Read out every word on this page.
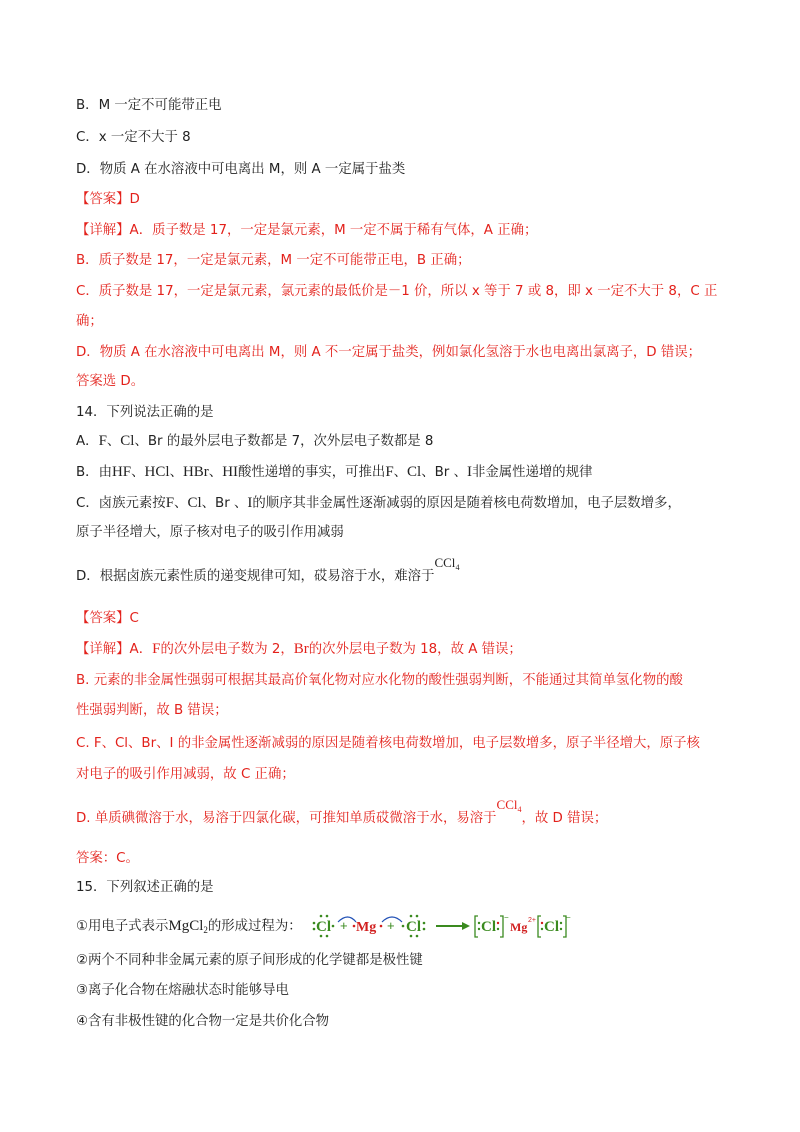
B．M 一定不可能带正电
C．x 一定不大于 8
D．物质 A 在水溶液中可电离出 M，则 A 一定属于盐类
【答案】D
【详解】A．质子数是 17，一定是氯元素，M 一定不属于稀有气体，A 正确；
B．质子数是 17，一定是氯元素，M 一定不可能带正电，B 正确；
C．质子数是 17，一定是氯元素，氯元素的最低价是－1 价，所以 x 等于 7 或 8，即 x 一定不大于 8，C 正
确；
D．物质 A 在水溶液中可电离出 M，则 A 不一定属于盐类，例如氯化氢溶于水也电离出氯离子，D 错误；
答案选 D。
14．下列说法正确的是
A．F、Cl、Br 的最外层电子数都是 7，次外层电子数都是 8
B．由HF、HCl、HBr、HI酸性递增的事实，可推出F、Cl、Br 、I非金属性递增的规律
C．卤族元素按F、Cl、Br 、I的顺序其非金属性逐渐减弱的原因是随着核电荷数增加，电子层数增多，
原子半径增大，原子核对电子的吸引作用减弱
D．根据卤族元素性质的递变规律可知，砹易溶于水，难溶于CCl$_4$
【答案】C
【详解】A．F的次外层电子数为 2，Br的次外层电子数为 18，故 A 错误；
B. 元素的非金属性强弱可根据其最高价氧化物对应水化物的酸性强弱判断，不能通过其简单氢化物的酸
性强弱判断，故 B 错误；
C. F、Cl、Br、I 的非金属性逐渐减弱的原因是随着核电荷数增加，电子层数增多，原子半径增大，原子核
对电子的吸引作用减弱，故 C 正确；
D. 单质碘微溶于水，易溶于四氯化碳，可推知单质砹微溶于水，易溶于CCl$_4$，故 D 错误；
答案：C。
15．下列叙述正确的是
①用电子式表示MgCl$_2$的形成过程为： Cl + Mg + Cl	Cl
−
Mg 2+ Cl
−
②两个不同种非金属元素的原子间形成的化学键都是极性键
③离子化合物在熔融状态时能够导电
④含有非极性键的化合物一定是共价化合物
